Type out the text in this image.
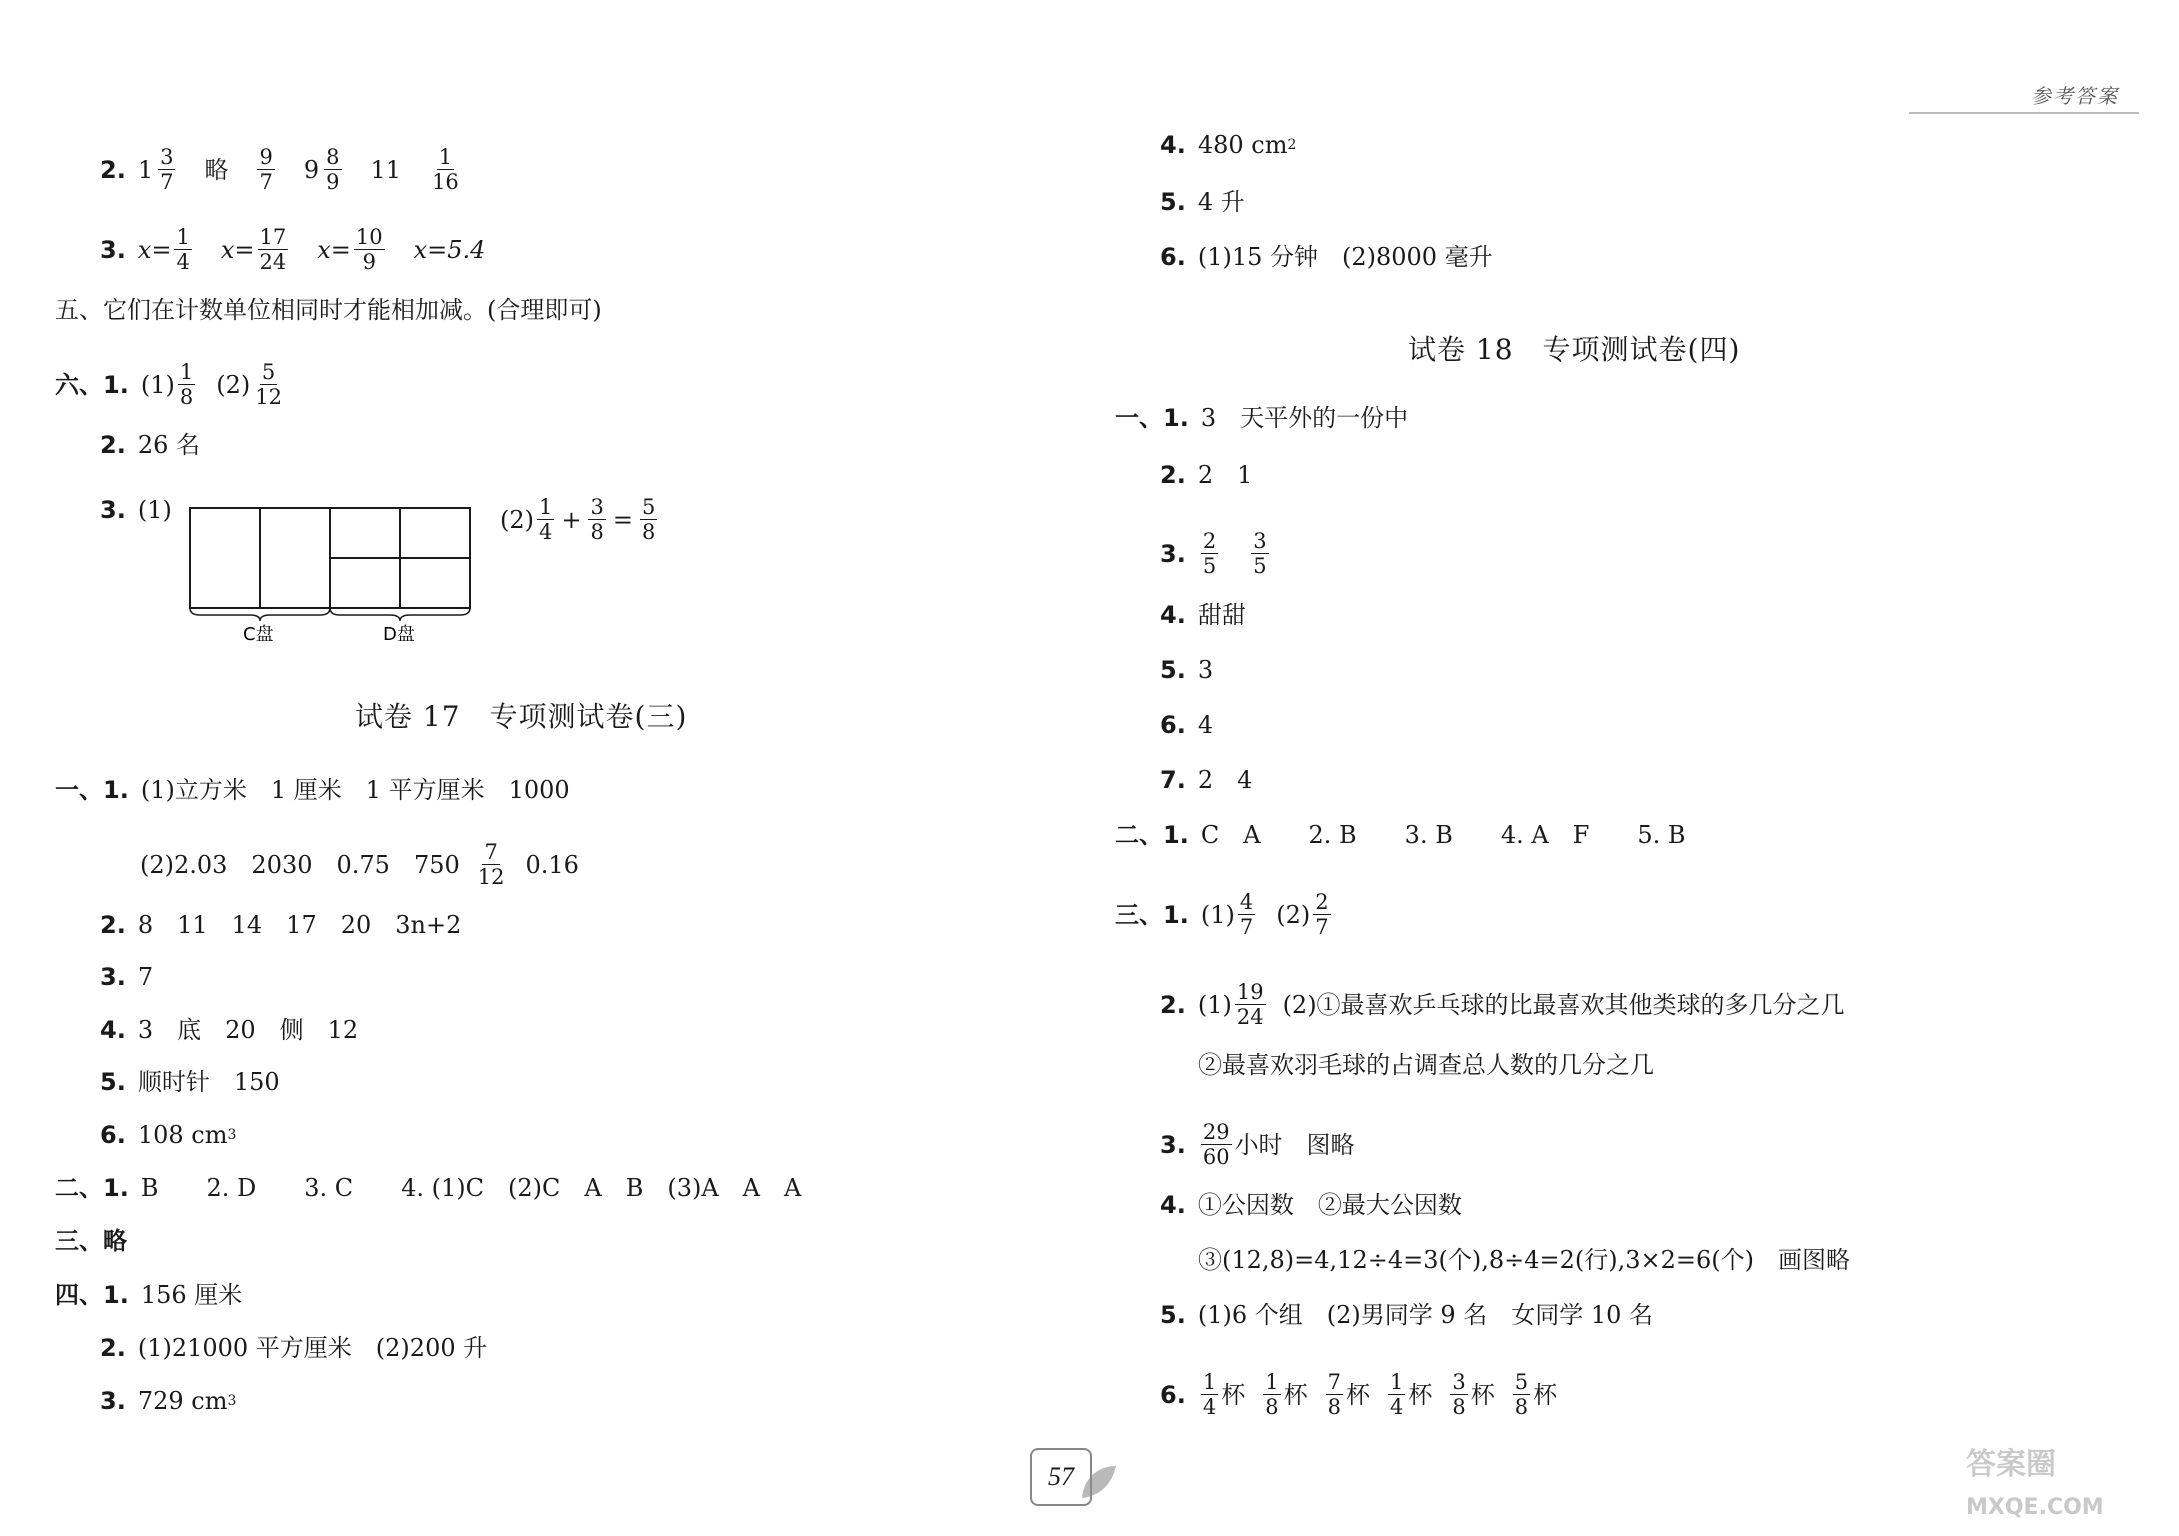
参考答案
2. $1 \frac{3}{7}$ 略 $\frac{9}{7} 9 \frac{8}{9} 11 \frac{1}{16}$
3. $x= \frac{1}{4} x= \frac{17}{24} x= \frac{10}{9} x=5.4$
五、它们在计数单位相同时才能相加减。(合理即可)
六、1. $(1) \frac{1}{8} (2) \frac{5}{12}$
2. 26 名
3. (1)
C盘	D盘
$(2) \frac{1}{4} + \frac{3}{8} = \frac{5}{8}$
试卷 17　专项测试卷(三)
一、1. (1)立方米　1 厘米　1 平方厘米　1000
(2)2.03　2030　0.75　$750 \frac{7}{12} 0.16$
2. 8　11　14　17　20　3n+2
3. 7
4. 3　底　20　侧　12
5. 顺时针　150
6. 108 cm 3
二、1. B　　2. D　　3. C　　4. (1)C　(2)C　A　B　(3)A　A　A
三、略
四、1. 156 厘米
2. (1)21000 平方厘米　(2)200 升
3. 729 cm 3
4. 480 cm 2
5. 4 升
6. (1)15 分钟　(2)8000 毫升
试卷 18　专项测试卷(四)
一、1. 3　天平外的一份中
2. 2　1
3. $\frac{2}{5} \frac{3}{5}$
4. 甜甜
5. 3
6. 4
7. 2　4
二、1. C　A　　2. B　　3. B　　4. A　F　　5. B
三、1. $(1) \frac{4}{7} (2) \frac{2}{7}$
2. $(1) \frac{19}{24}$ (2)①最喜欢乒乓球的比最喜欢其他类球的多几分之几
②最喜欢羽毛球的占调查总人数的几分之几
3. $\frac{29}{60}$ 小时　图略
4. ①公因数　②最大公因数
③(12,8)=4,12÷4=3(个),8÷4=2(行),3×2=6(个)　画图略
5. (1)6 个组　(2)男同学 9 名　女同学 10 名
6. $\frac{1}{4}$ 杯 $\frac{1}{8}$ 杯 $\frac{7}{8}$ 杯 $\frac{1}{4}$ 杯 $\frac{3}{8}$ 杯 $\frac{5}{8}$ 杯
57	答案圈
MXQE.COM
